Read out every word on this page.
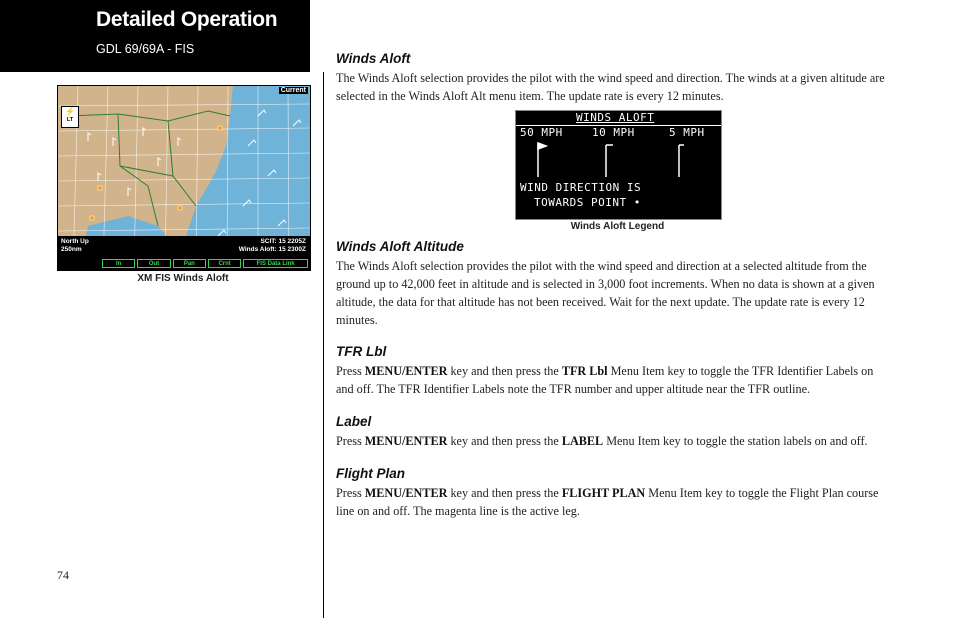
Detailed Operation
GDL 69/69A - FIS
Current
⚡
LT
North Up
250nm
SCIT: 15 2205Z
Winds Aloft: 15 2300Z
In	Out	Pan	Crnt	FIS Data Link
XM FIS Winds Aloft
WINDS ALOFT
50 MPH	10 MPH	5 MPH
WIND DIRECTION IS
TOWARDS POINT •
Winds Aloft Legend
Winds Aloft

The Winds Aloft selection provides the pilot with the wind speed and direction. The winds at a given altitude are selected in the Winds Aloft Alt menu item. The update rate is every 12 minutes.

Winds Aloft Altitude

The Winds Aloft selection provides the pilot with the wind speed and direction at a selected altitude from the ground up to 42,000 feet in altitude and is selected in 3,000 foot increments. When no data is shown at a given altitude, the data for that altitude has not been received. Wait for the next update. The update rate is every 12 minutes.

TFR Lbl

Press MENU/ENTER key and then press the TFR Lbl Menu Item key to toggle the TFR Identifier Labels on and off. The TFR Identifier Labels note the TFR number and upper altitude near the TFR outline.

Label

Press MENU/ENTER key and then press the LABEL Menu Item key to toggle the station labels on and off.

Flight Plan

Press MENU/ENTER key and then press the FLIGHT PLAN Menu Item key to toggle the Flight Plan course line on and off. The magenta line is the active leg.

74
